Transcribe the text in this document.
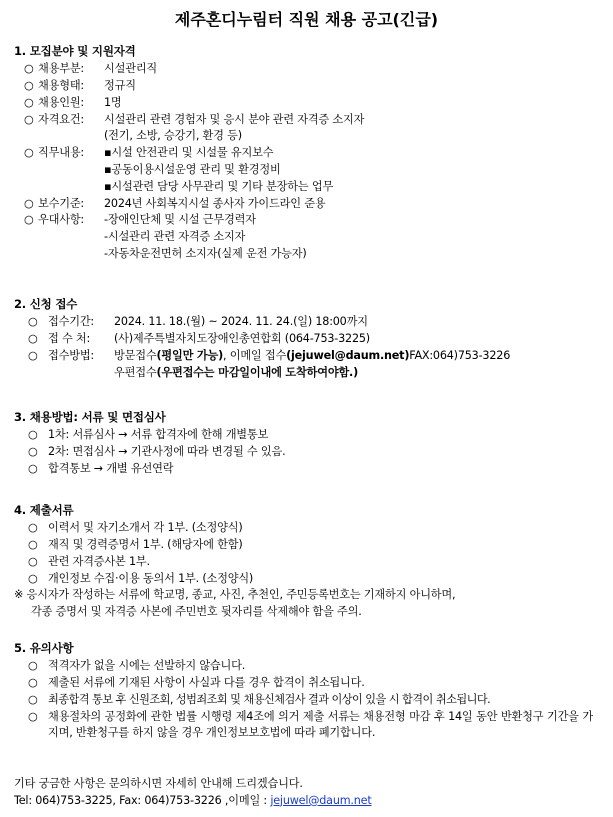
제주혼디누림터 직원 채용 공고(긴급)
1. 모집분야 및 지원자격
○ 채용부분:	시설관리직
○ 채용형태:	정규직
○ 채용인원:	1명
○ 자격요건:	시설관리 관련 경험자 및 응시 분야 관련 자격증 소지자
(전기, 소방, 승강기, 환경 등)
○ 직무내용:	▪시설 안전관리 및 시설물 유지보수
▪공동이용시설운영 관리 및 환경정비
▪시설관련 담당 사무관리 및 기타 분장하는 업무
○ 보수기준:	2024년 사회복지시설 종사자 가이드라인 준용
○ 우대사항:	-장애인단체 및 시설 근무경력자
-시설관리 관련 자격증 소지자
-자동차운전면허 소지자(실제 운전 가능자)
2. 신청 접수
○ 접수기간:	2024. 11. 18.(월) ~ 2024. 11. 24.(일) 18:00까지
○ 접 수 처:	(사)제주특별자치도장애인총연합회 (064-753-3225)
○ 접수방법:	방문접수 (평일만 가능) , 이메일 접수 (jejuwel@daum.net) FAX:064)753-3226
우편접수(우편접수는 마감일이내에 도착하여야함.)
3. 채용방법: 서류 및 면접심사
○ 1차: 서류심사 → 서류 합격자에 한해 개별통보
○ 2차: 면접심사 → 기관사정에 따라 변경될 수 있음.
○ 합격통보 → 개별 유선연락
4. 제출서류
○ 이력서 및 자기소개서 각 1부. (소정양식)
○ 재직 및 경력증명서 1부. (해당자에 한함)
○ 관련 자격증사본 1부.
○ 개인정보 수집·이용 동의서 1부. (소정양식)
※ 응시자가 작성하는 서류에 학교명, 종교, 사진, 추천인, 주민등록번호는 기재하지 아니하며,
각종 증명서 및 자격증 사본에 주민번호 뒷자리를 삭제해야 함을 주의.
5. 유의사항
○ 적격자가 없을 시에는 선발하지 않습니다.
○ 제출된 서류에 기재된 사항이 사실과 다를 경우 합격이 취소됩니다.
○ 최종합격 통보 후 신원조회, 성범죄조회 및 채용신체검사 결과 이상이 있을 시 합격이 취소됩니다.
○ 채용절차의 공정화에 관한 법률 시행령 제4조에 의거 제출 서류는 채용전형 마감 후 14일 동안 반환청구 기간을 가지며, 반환청구를 하지 않을 경우 개인정보보호법에 따라 폐기합니다.
기타 궁금한 사항은 문의하시면 자세히 안내해 드리겠습니다.
Tel: 064)753-3225, Fax: 064)753-3226 ,이메일 : jejuwel@daum.net
